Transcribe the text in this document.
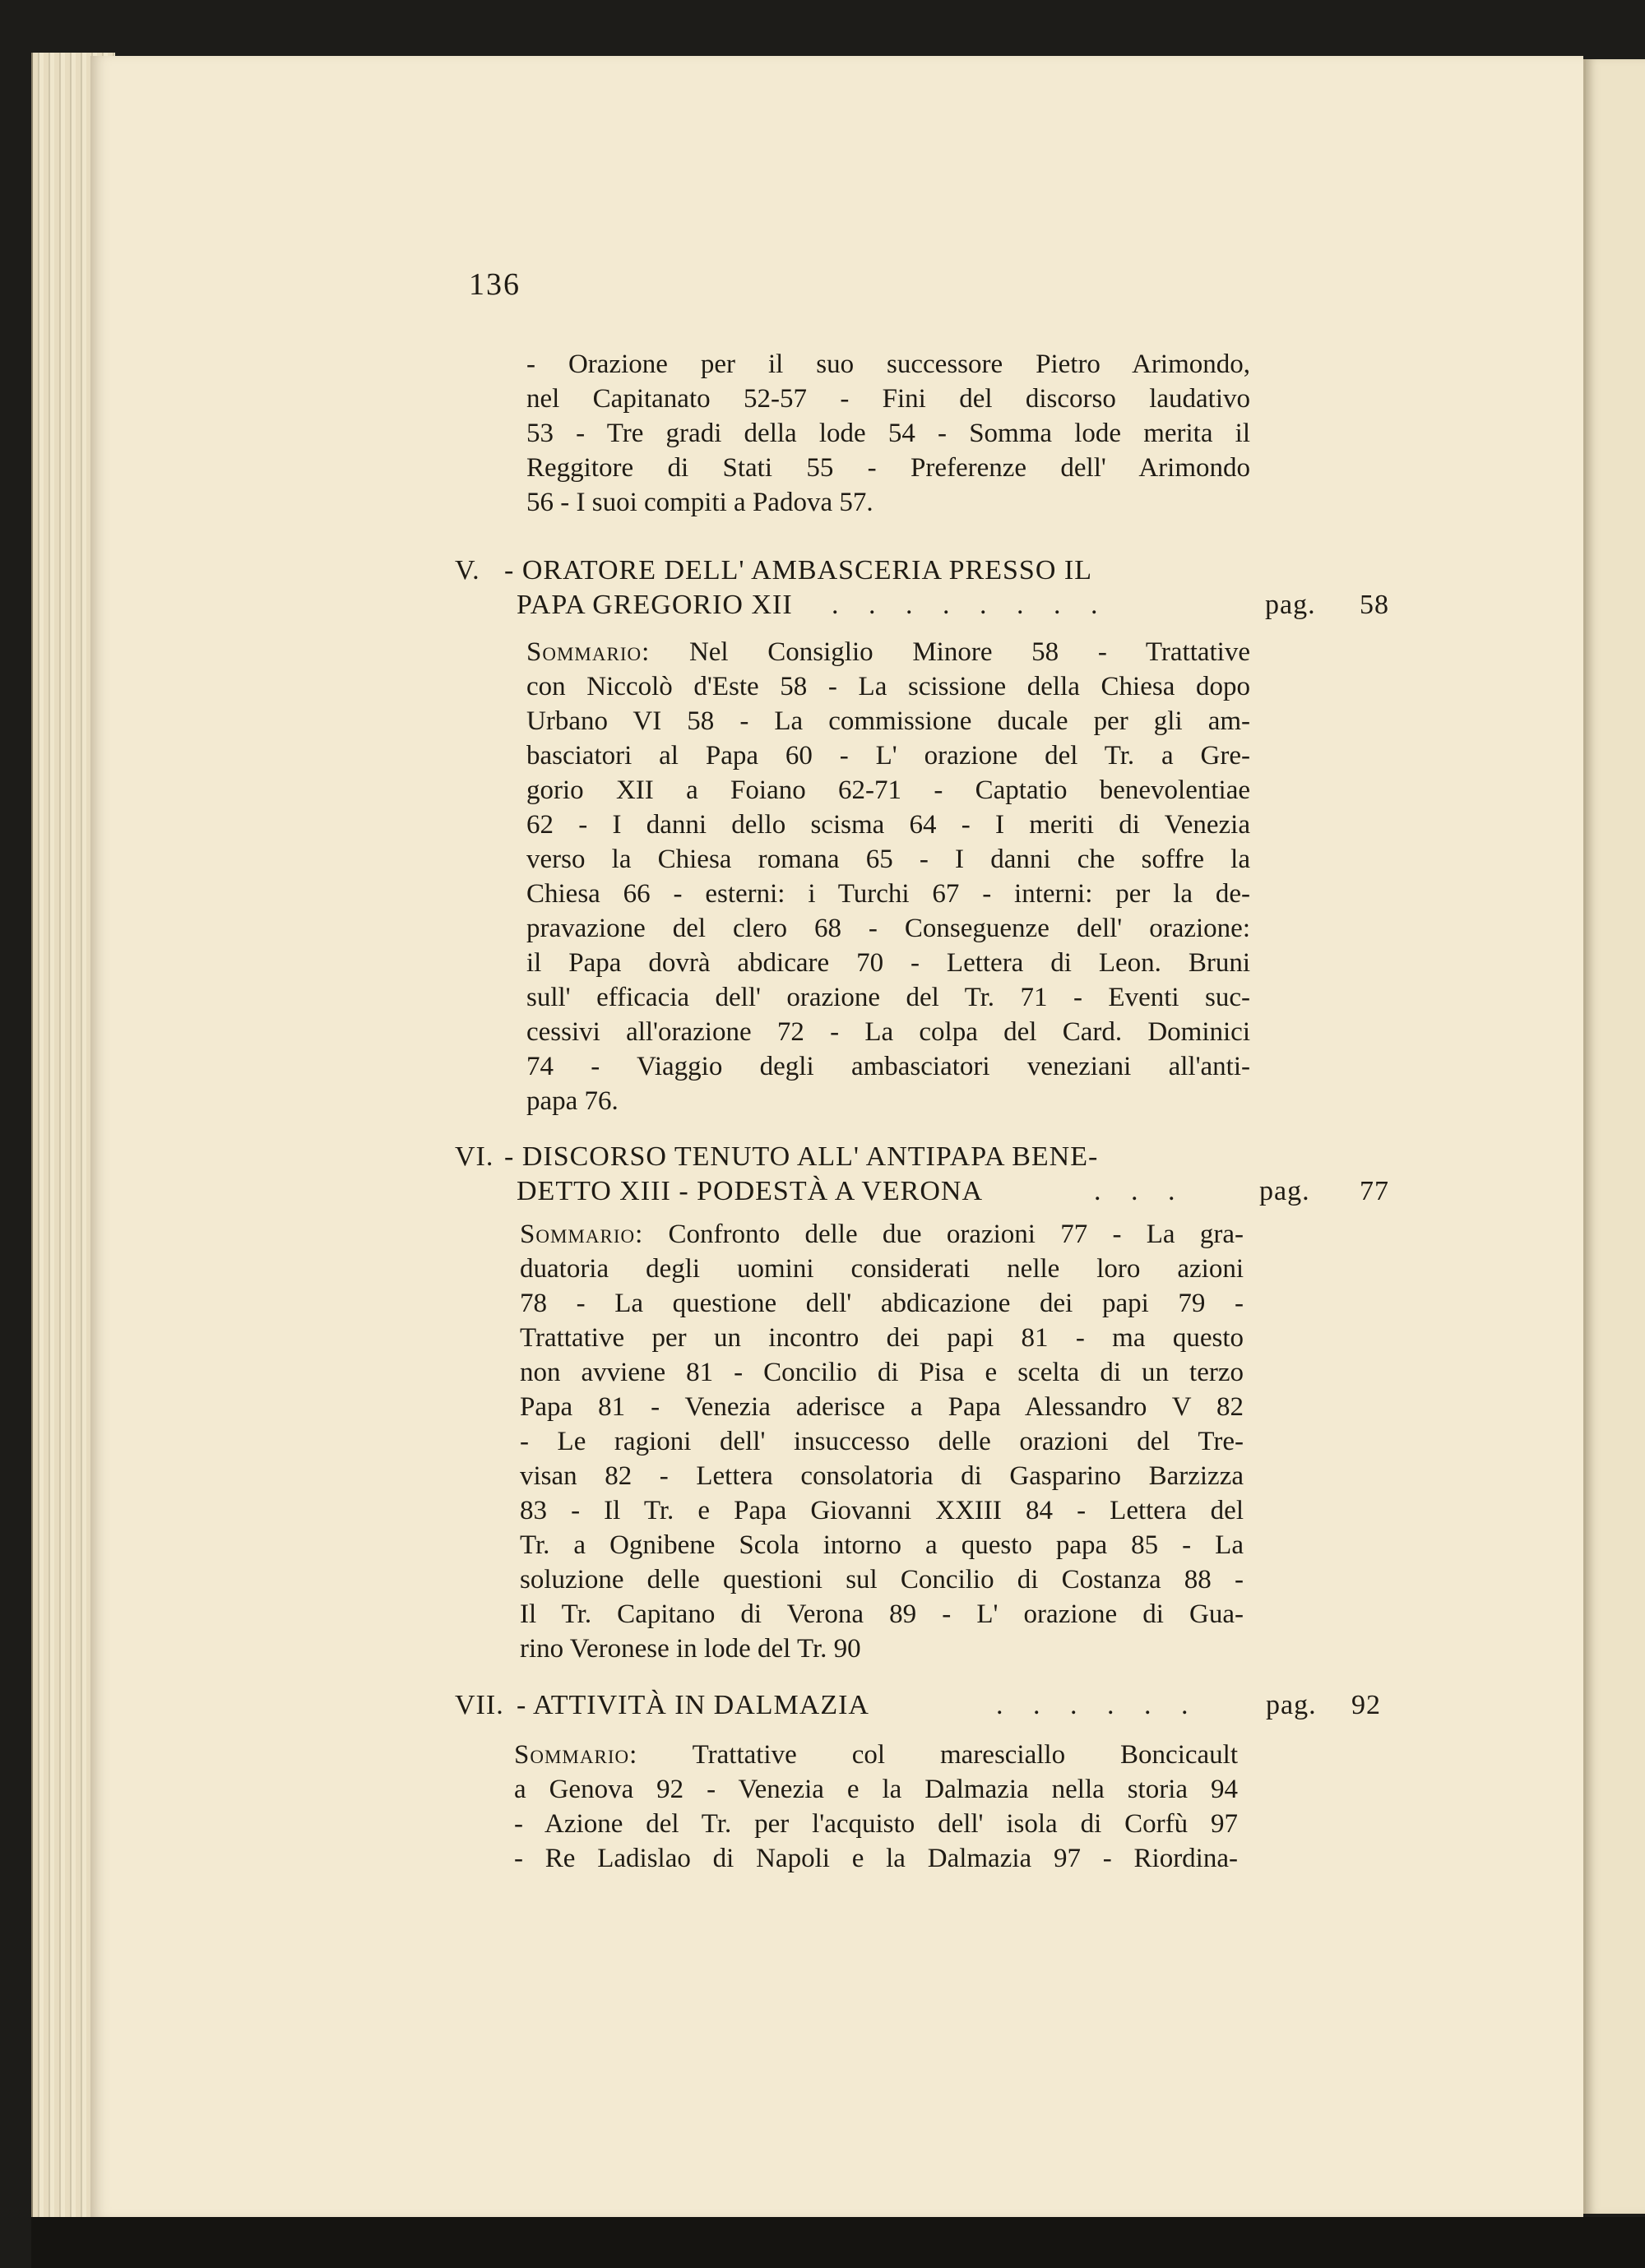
136
- Orazione per il suo successore Pietro Arimondo,
nel Capitanato 52-57 - Fini del discorso laudativo
53 - Tre gradi della lode 54 - Somma lode merita il
Reggitore di Stati 55 - Preferenze dell' Arimondo
56 - I suoi compiti a Padova 57.
V. - ORATORE DELL' AMBASCERIA PRESSO IL
PAPA GREGORIO XII . . . . . . . .	pag. 58
Sommario: Nel Consiglio Minore 58 - Trattative
con Niccolò d'Este 58 - La scissione della Chiesa dopo
Urbano VI 58 - La commissione ducale per gli am-
basciatori al Papa 60 - L' orazione del Tr. a Gre-
gorio XII a Foiano 62-71 - Captatio benevolentiae
62 - I danni dello scisma 64 - I meriti di Venezia
verso la Chiesa romana 65 - I danni che soffre la
Chiesa 66 - esterni: i Turchi 67 - interni: per la de-
pravazione del clero 68 - Conseguenze dell' orazione:
il Papa dovrà abdicare 70 - Lettera di Leon. Bruni
sull' efficacia dell' orazione del Tr. 71 - Eventi suc-
cessivi all'orazione 72 - La colpa del Card. Dominici
74 - Viaggio degli ambasciatori veneziani all'anti-
papa 76.
VI. - DISCORSO TENUTO ALL' ANTIPAPA BENE-
DETTO XIII - PODESTÀ A VERONA	. . .	pag. 77
Sommario: Confronto delle due orazioni 77 - La gra-
duatoria degli uomini considerati nelle loro azioni
78 - La questione dell' abdicazione dei papi 79 -
Trattative per un incontro dei papi 81 - ma questo
non avviene 81 - Concilio di Pisa e scelta di un terzo
Papa 81 - Venezia aderisce a Papa Alessandro V 82
- Le ragioni dell' insuccesso delle orazioni del Tre-
visan 82 - Lettera consolatoria di Gasparino Barzizza
83 - Il Tr. e Papa Giovanni XXIII 84 - Lettera del
Tr. a Ognibene Scola intorno a questo papa 85 - La
soluzione delle questioni sul Concilio di Costanza 88 -
Il Tr. Capitano di Verona 89 - L' orazione di Gua-
rino Veronese in lode del Tr. 90
VII. - ATTIVITÀ IN DALMAZIA	. . . . . . pag. 92
Sommario: Trattative col maresciallo Boncicault
a Genova 92 - Venezia e la Dalmazia nella storia 94
- Azione del Tr. per l'acquisto dell' isola di Corfù 97
- Re Ladislao di Napoli e la Dalmazia 97 - Riordina-
